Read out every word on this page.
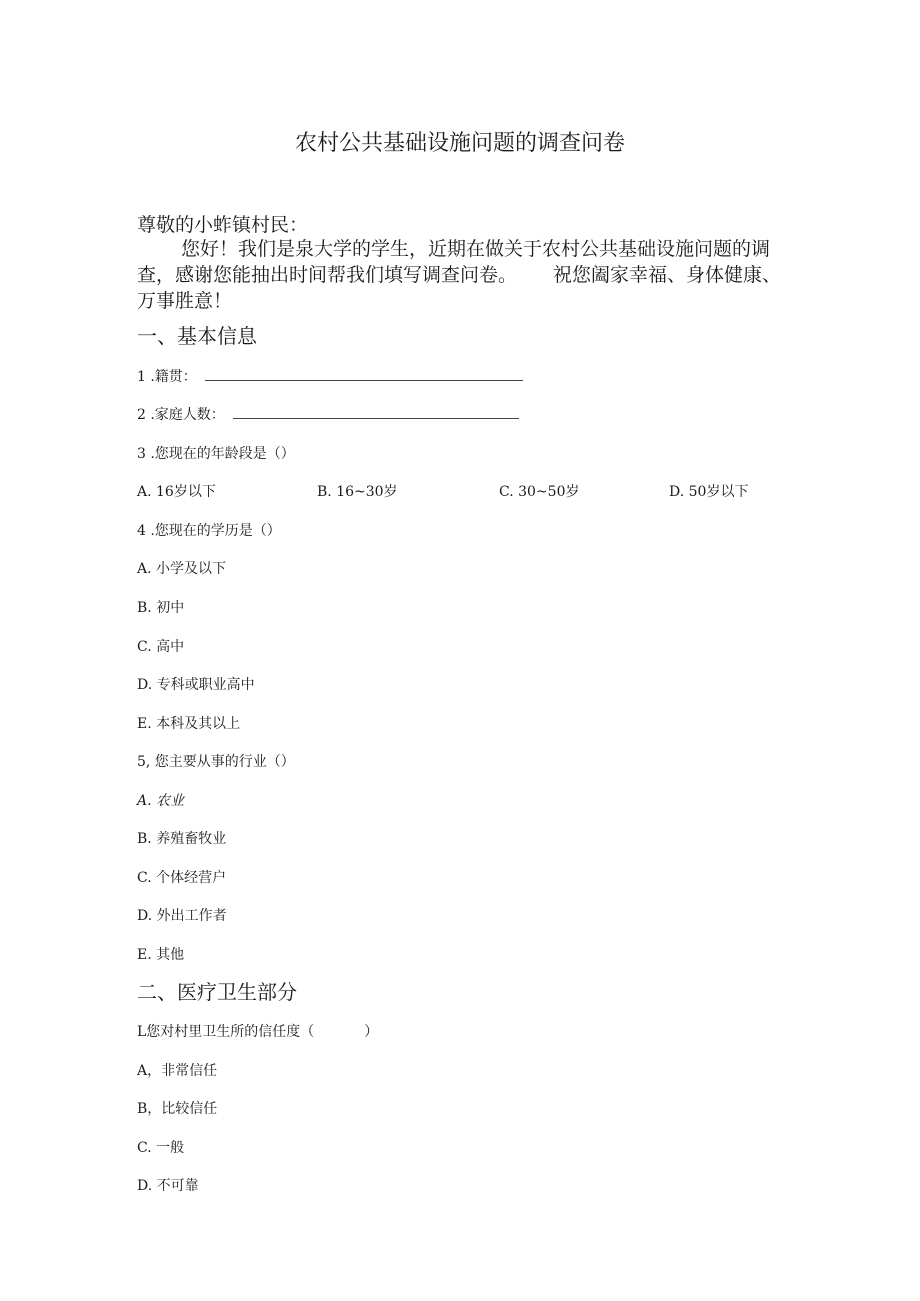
农村公共基础设施问题的调查问卷
尊敬的小蚱镇村民：

您好！我们是泉大学的学生，近期在做关于农村公共基础设施问题的调查，感谢您能抽出时间帮我们填写调查问卷。 祝您阖家幸福、身体健康、万事胜意！

一、基本信息
1 .籍贯：
2 .家庭人数：
3 .您现在的年龄段是（）
A. 16岁以下	B. 16~30岁	C. 30~50岁	D. 50岁以下
4 .您现在的学历是（）
A. 小学及以下
B. 初中
C. 高中
D. 专科或职业高中
E. 本科及其以上
5, 您主要从事的行业（）
A. 农业
B. 养殖畜牧业
C. 个体经营户
D. 外出工作者
E. 其他
二、医疗卫生部分
L您对村里卫生所的信任度（	）
A，非常信任
B，比较信任
C. 一般
D. 不可靠
